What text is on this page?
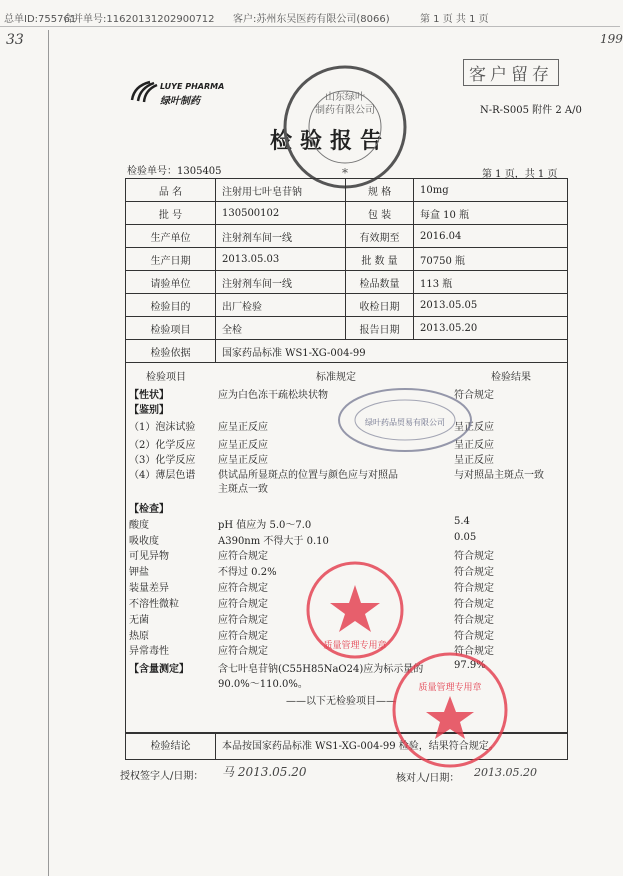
总单ID:755761
合并单号:11620131202900712 客户:苏州东吴医药有限公司(8066)	第 1 页 共 1 页
33	199
LUYE PHARMA
绿叶制药
客户留存
N-R-S005 附件 2 A/0
检验报告
山东绿叶
制药有限公司
*
检验单号：1305405	第 1 页，共 1 页
品 名	注射用七叶皂苷钠	规 格	10mg
批 号	130500102	包 装	每盒 10 瓶
生产单位	注射剂车间一线	有效期至	2016.04
生产日期	2013.05.03	批 数 量	70750 瓶
请验单位	注射剂车间一线	检品数量	113 瓶
检验目的	出厂检验	收检日期	2013.05.05
检验项目	全检	报告日期	2013.05.20
检验依据	国家药品标准 WS1-XG-004-99		
检验项目	标准规定	检验结果
【性状】	应为白色冻干疏松块状物	符合规定
【鉴别】
（1）泡沫试验 应呈正反应	呈正反应
（2）化学反应 应呈正反应	呈正反应
（3）化学反应 应呈正反应	呈正反应
（4）薄层色谱 供试品所显斑点的位置与颜色应与对照品	与对照品主斑点一致
主斑点一致
【检查】
酸度	pH 值应为 5.0～7.0	5.4
吸收度	A390nm 不得大于 0.10	0.05
可见异物	应符合规定	符合规定
钾盐	不得过 0.2%	符合规定
装量差异	应符合规定	符合规定
不溶性微粒	应符合规定	符合规定
无菌	应符合规定	符合规定
热原	应符合规定	符合规定
异常毒性	应符合规定	符合规定
【含量测定】	含七叶皂苷钠(C55H85NaO24)应为标示量的	97.9%
90.0%～110.0%。
——以下无检验项目——
检验结论	本品按国家药品标准 WS1-XG-004-99 检验，结果符合规定。
授权签字人/日期： 马 2013.05.20	核对人/日期： 2013.05.20
绿叶药品贸易有限公司
质量管理专用章
质量管理专用章
